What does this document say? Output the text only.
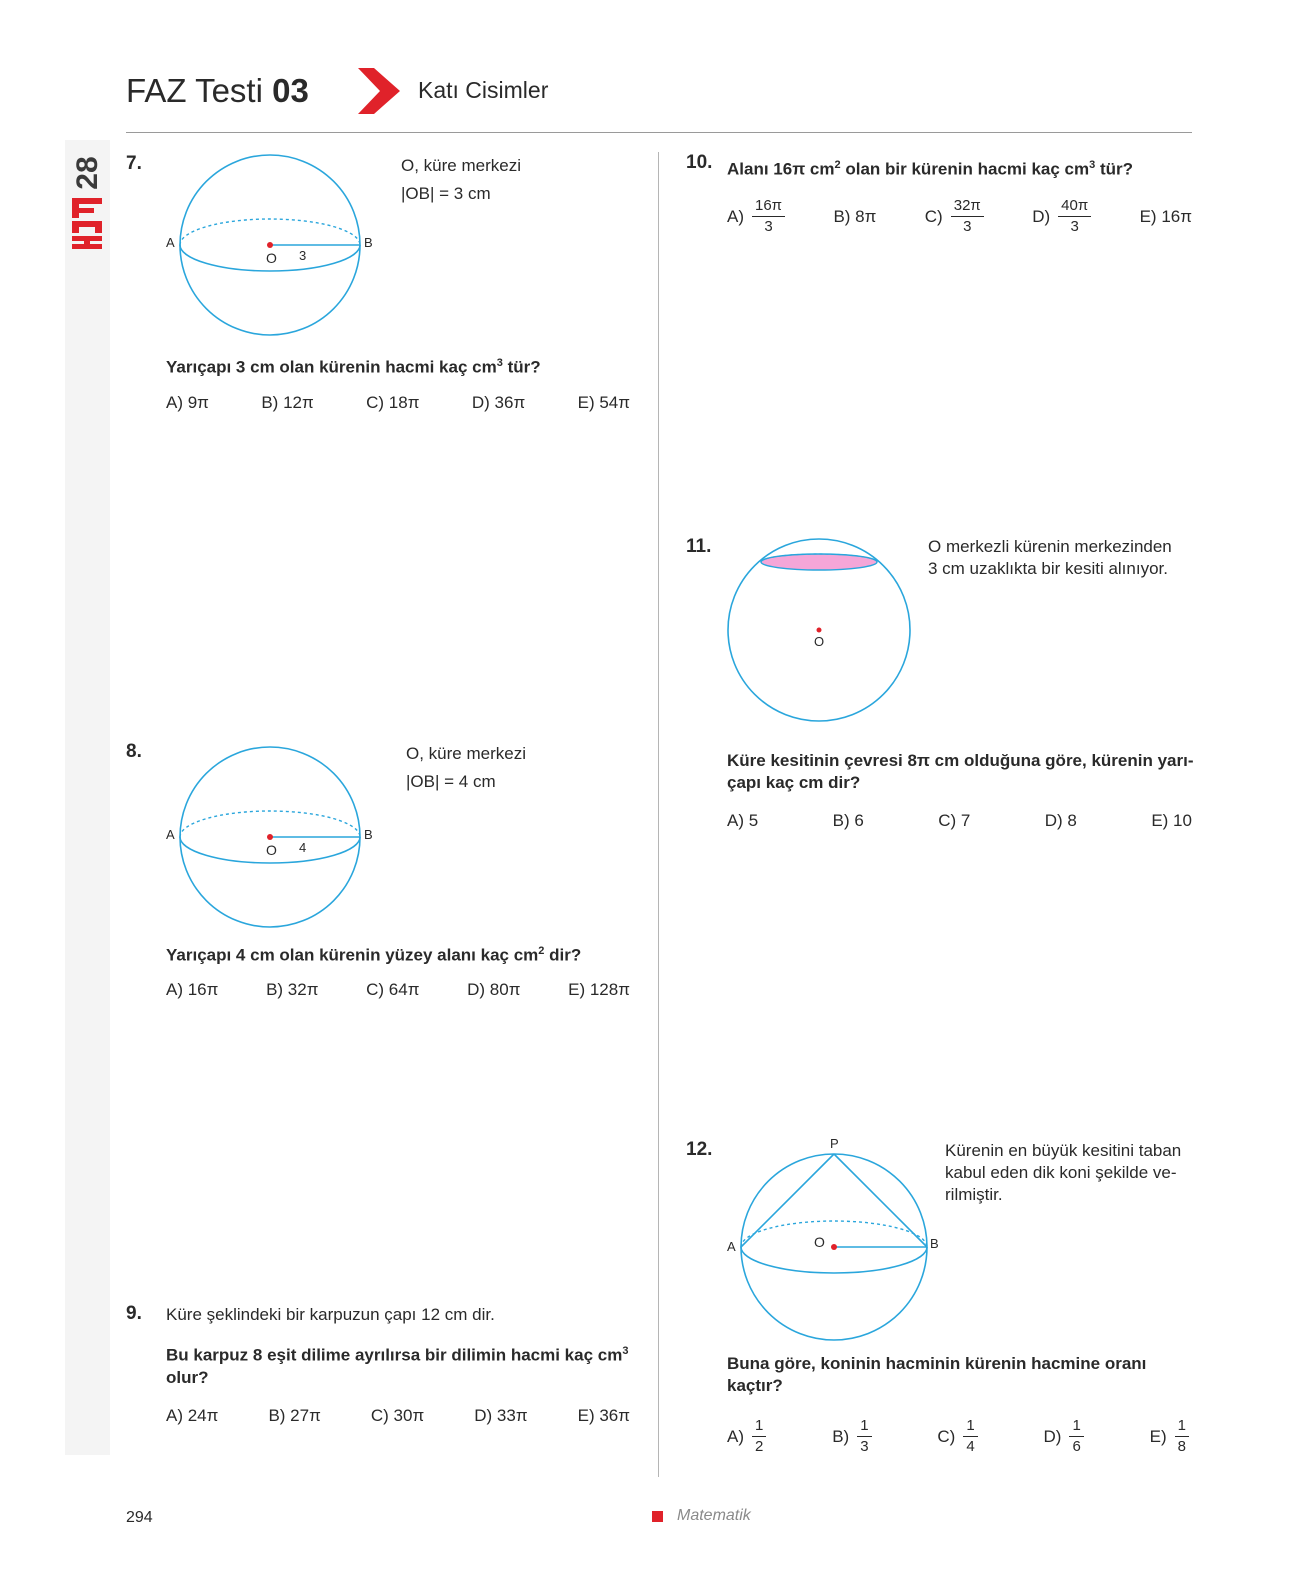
28
FAZ Testi 03	Katı Cisimler
7.
A	B
O 3
O, küre merkezi
|OB| = 3 cm
Yarıçapı 3 cm olan kürenin hacmi kaç $cm^3$ tür?
A) 9π	B) 12π	C) 18π	D) 36π	E) 54π
8.
A	B
O 4
O, küre merkezi
|OB| = 4 cm
Yarıçapı 4 cm olan kürenin yüzey alanı kaç $cm^2$ dir?
A) 16π	B) 32π	C) 64π	D) 80π	E) 128π
9. Küre şeklindeki bir karpuzun çapı 12 cm dir.
Bu karpuz 8 eşit dilime ayrılırsa bir dilimin hacmi kaç $cm^3$
olur?
A) 24π	B) 27π	C) 30π	D) 33π	E) 36π
10. Alanı 16π $cm^2$ olan bir kürenin hacmi kaç $cm^3$ tür?
$A) \frac{16\pi}{3}$	B) 8π	$C) \frac{32\pi}{3}$	$D) \frac{40\pi}{3}$	E) 16π
11.
O
O merkezli kürenin merkezinden
3 cm uzaklıkta bir kesiti alınıyor.
Küre kesitinin çevresi 8π cm olduğuna göre, kürenin yarı-
çapı kaç cm dir?
A) 5	B) 6	C) 7	D) 8	E) 10
12.	P
A	B
O
Kürenin en büyük kesitini taban
kabul eden dik koni şekilde ve-
rilmiştir.
Buna göre, koninin hacminin kürenin hacmine oranı
kaçtır?
$A) \frac{1}{2}$	$B) \frac{1}{3}$	$C) \frac{1}{4}$	$D) \frac{1}{6}$	$E) \frac{1}{8}$
294	Matematik
